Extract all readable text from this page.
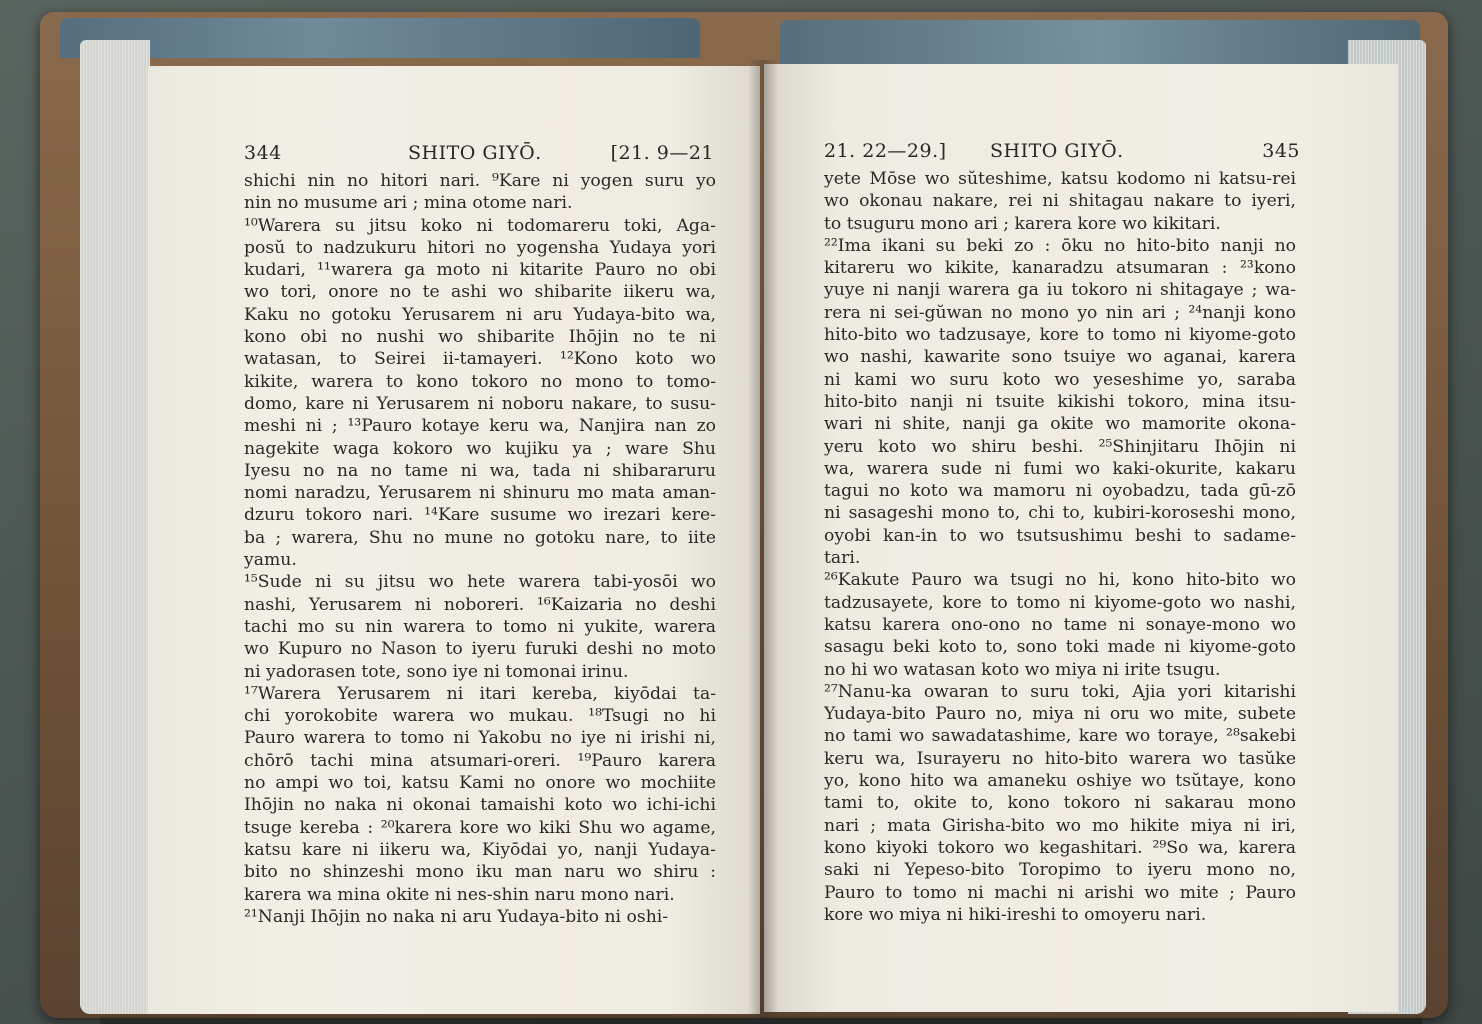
344	SHITO GIYŌ.	[21. 9—21
shi̇chi nin no hi̇tori nari. ⁹Kare ni yogen suru yo
nin no musume ari ; mina otome nari.
¹⁰Warera su jitsu koko ni todomareru toki, Aga-
posŭ to nadzukuru hi̇tori no yogensha Yudaya yori
kudari, ¹¹warera ga moto ni kitarite Pauro no obi
wo tori, onore no te ashi wo shibarite iikeru wa,
Kaku no gotoku Yerusarem ni aru Yudaya-bito wa,
kono obi no nushi wo shibarite Ihōjin no te ni
watasan, to Seirei ii-tamayeri. ¹²Kono koto wo
kikite, warera to kono tokoro no mono to tomo-
domo, kare ni Yerusarem ni noboru nakare, to susu-
meshi ni ; ¹³Pauro kotaye keru wa, Nanjira nan zo
nagekite waga kokoro wo kujiku ya ; ware Shu
Iyesu no na no tame ni wa, tada ni shibararuru
nomi naradzu, Yerusarem ni shinuru mo mata aman-
dzuru tokoro nari. ¹⁴Kare susume wo irezari kere-
ba ; warera, Shu no mune no gotoku nare, to iite
yamu.
¹⁵Sude ni su jitsu wo hete warera tabi-yosōi wo
nashi, Yerusarem ni noboreri. ¹⁶Kaizaria no deshi
tachi mo su nin warera to tomo ni yukite, warera
wo Kupuro no Nason to iyeru furuki deshi no moto
ni yadorasen tote, sono iye ni tomonai irinu.
¹⁷Warera Yerusarem ni itari kereba, kiyōdai ta-
chi yorokobite warera wo mukau. ¹⁸Tsugi no hi
Pauro warera to tomo ni Yakobu no iye ni irishi ni,
chōrō tachi mina atsumari-oreri. ¹⁹Pauro karera
no ampi wo toi, katsu Kami no onore wo mochiite
Ihōjin no naka ni okonai tamaishi koto wo ichi-ichi
tsuge kereba : ²⁰karera kore wo kiki Shu wo agame,
katsu kare ni iikeru wa, Kiyōdai yo, nanji Yudaya-
bito no shinzeshi mono iku man naru wo shiru :
karera wa mina okite ni nes-shin naru mono nari.
²¹Nanji Ihōjin no naka ni aru Yudaya-bito ni oshi-
21. 22—29.] SHITO GIYŌ.	345
yete Mōse wo sŭteshime, katsu kodomo ni katsu-rei
wo okonau nakare, rei ni shi̇tagau nakare to iyeri,
to tsuguru mono ari ; karera kore wo kikitari.
²²Ima ikani su beki zo : ōku no hi̇to-bito nanji no
kitareru wo kikite, kanaradzu atsumaran : ²³kono
yuye ni nanji warera ga iu tokoro ni shi̇tagaye ; wa-
rera ni sei-gŭwan no mono yo nin ari ; ²⁴nanji kono
hi̇to-bito wo tadzusaye, kore to tomo ni kiyome-goto
wo nashi, kawarite sono tsuiye wo aganai, karera
ni kami wo suru koto wo yeseshime yo, saraba
hi̇to-bito nanji ni tsuite kikishi tokoro, mina itsu-
wari ni shi̇te, nanji ga okite wo mamorite okona-
yeru koto wo shiru beshi. ²⁵Shinjitaru Ihōjin ni
wa, warera sude ni fumi wo kaki-okurite, kakaru
tagui no koto wa mamoru ni oyobadzu, tada gū-zō
ni sasageshi mono to, chi to, kubiri-koroseshi mono,
oyobi kan-in to wo tsutsushimu beshi to sadame-
tari.
²⁶Kakute Pauro wa tsugi no hi, kono hi̇to-bito wo
tadzusayete, kore to tomo ni kiyome-goto wo nashi,
katsu karera ono-ono no tame ni sonaye-mono wo
sasagu beki koto to, sono toki made ni kiyome-goto
no hi wo watasan koto wo miya ni irite tsugu.
²⁷Nanu-ka owaran to suru toki, Ajia yori kitarishi
Yudaya-bito Pauro no, miya ni oru wo mite, subete
no tami wo sawadatashime, kare wo toraye, ²⁸sakebi
keru wa, Isurayeru no hi̇to-bito warera wo tasŭke
yo, kono hi̇to wa amaneku oshiye wo tsŭtaye, kono
tami to, okite to, kono tokoro ni sakarau mono
nari ; mata Girisha-bito wo mo hikite miya ni iri,
kono kiyoki tokoro wo kegashi̇tari. ²⁹So wa, karera
saki ni Yepeso-bito Toropimo to iyeru mono no,
Pauro to tomo ni machi ni arishi wo mite ; Pauro
kore wo miya ni hiki-ireshi to omoyeru nari.
